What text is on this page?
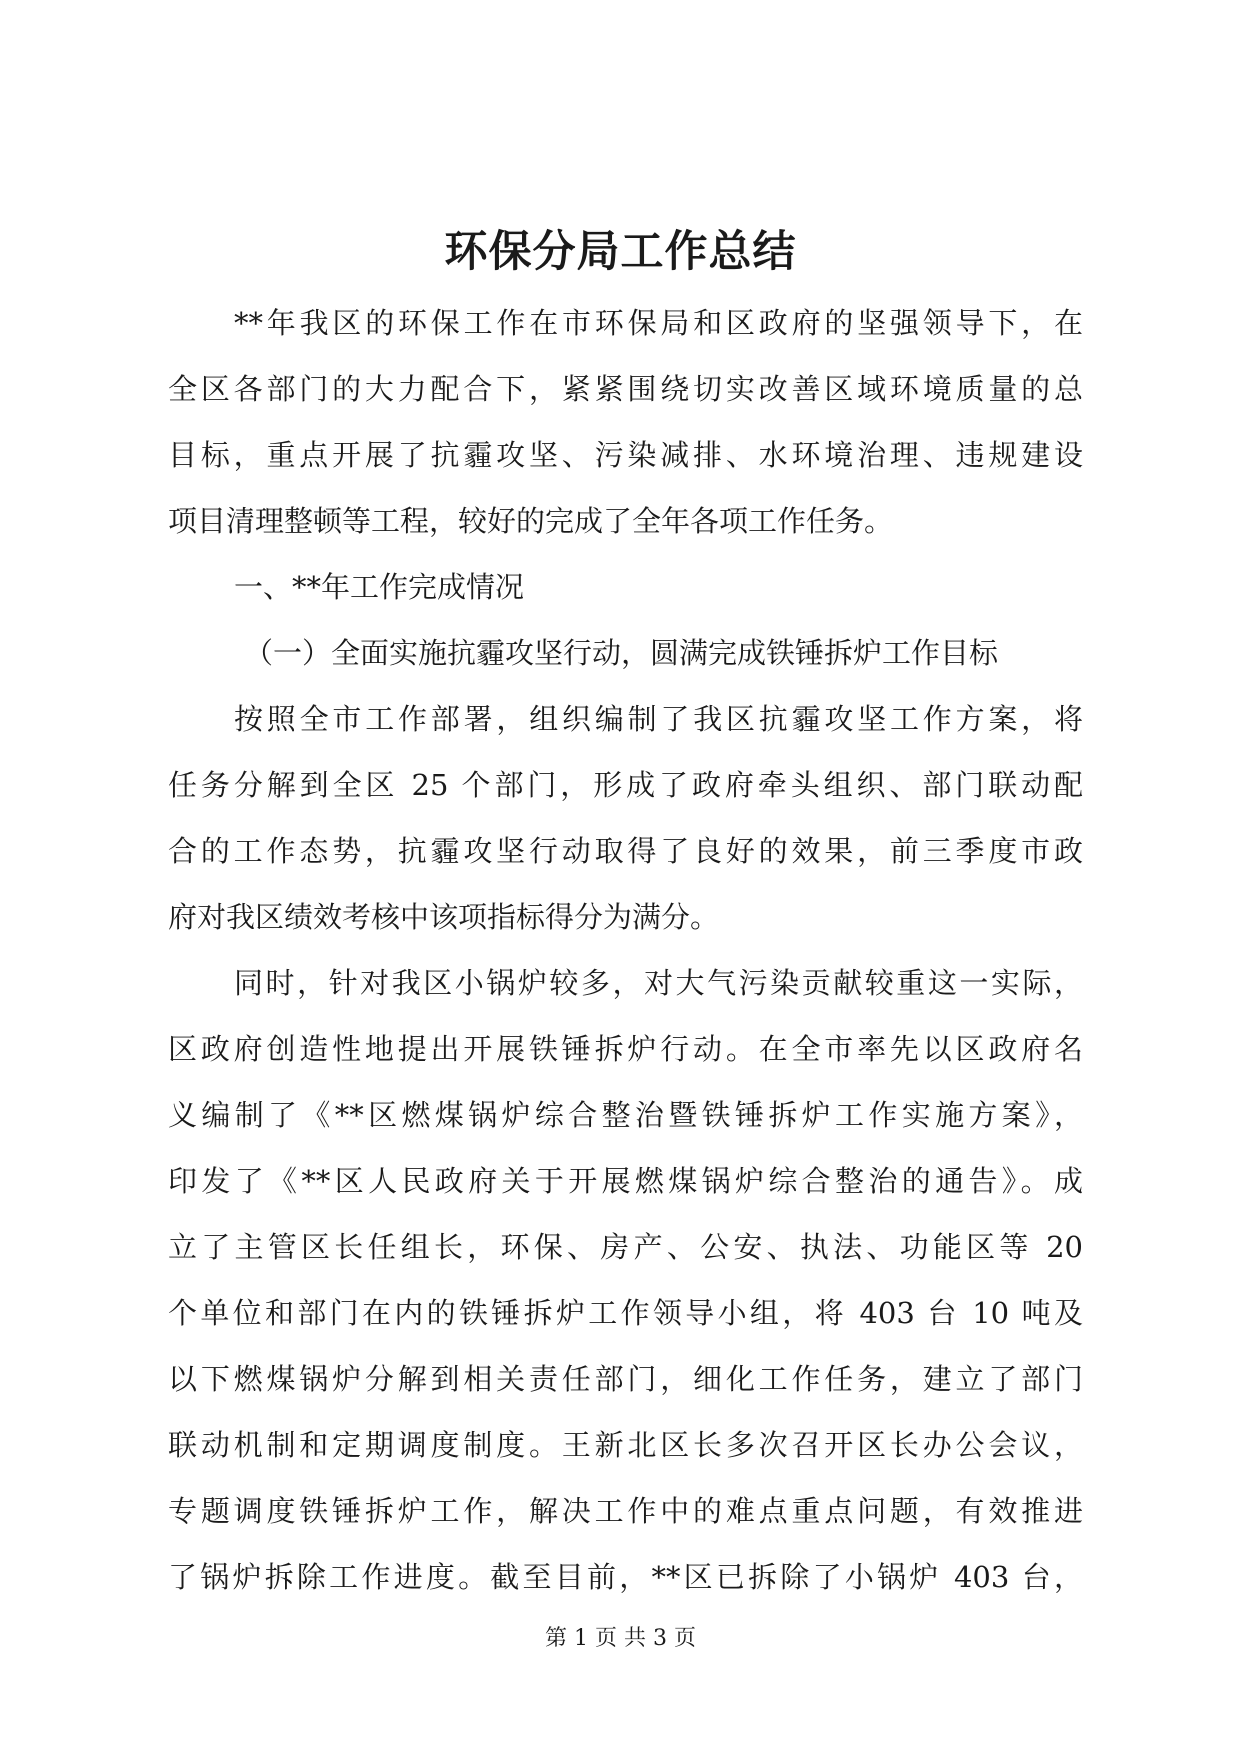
环保分局工作总结
**年我区的环保工作在市环保局和区政府的坚强领导下，在
全区各部门的大力配合下，紧紧围绕切实改善区域环境质量的总
目标，重点开展了抗霾攻坚、污染减排、水环境治理、违规建设
项目清理整顿等工程，较好的完成了全年各项工作任务。
一、**年工作完成情况
（一）全面实施抗霾攻坚行动，圆满完成铁锤拆炉工作目标
按照全市工作部署，组织编制了我区抗霾攻坚工作方案，将
任务分解到全区 25 个部门，形成了政府牵头组织、部门联动配
合的工作态势，抗霾攻坚行动取得了良好的效果，前三季度市政
府对我区绩效考核中该项指标得分为满分。
同时，针对我区小锅炉较多，对大气污染贡献较重这一实际，
区政府创造性地提出开展铁锤拆炉行动。在全市率先以区政府名
义编制了《**区燃煤锅炉综合整治暨铁锤拆炉工作实施方案》，
印发了《**区人民政府关于开展燃煤锅炉综合整治的通告》。成
立了主管区长任组长，环保、房产、公安、执法、功能区等 20
个单位和部门在内的铁锤拆炉工作领导小组，将 403 台 10 吨及
以下燃煤锅炉分解到相关责任部门，细化工作任务，建立了部门
联动机制和定期调度制度。王新北区长多次召开区长办公会议，
专题调度铁锤拆炉工作，解决工作中的难点重点问题，有效推进
了锅炉拆除工作进度。截至目前，**区已拆除了小锅炉 403 台，
第 1 页 共 3 页
